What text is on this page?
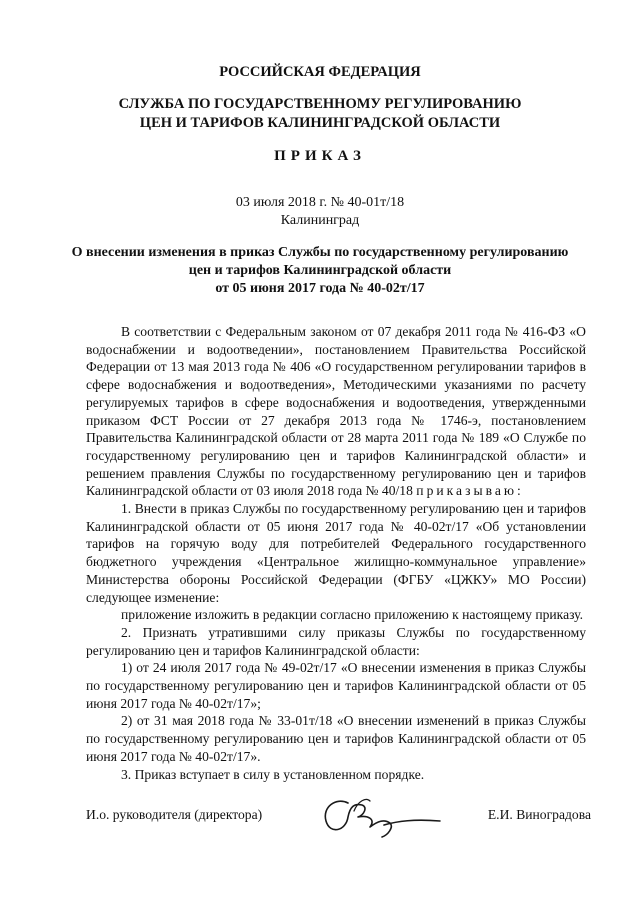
РОССИЙСКАЯ ФЕДЕРАЦИЯ
СЛУЖБА ПО ГОСУДАРСТВЕННОМУ РЕГУЛИРОВАНИЮ
ЦЕН И ТАРИФОВ КАЛИНИНГРАДСКОЙ ОБЛАСТИ
ПРИКАЗ
03 июля 2018 г. № 40-01т/18
Калининград
О внесении изменения в приказ Службы по государственному регулированию
цен и тарифов Калининградской области
от 05 июня 2017 года № 40-02т/17

В соответствии с Федеральным законом от 07 декабря 2011 года № 416-ФЗ «О водоснабжении и водоотведении», постановлением Правительства Российской Федерации от 13 мая 2013 года № 406 «О государственном регулировании тарифов в сфере водоснабжения и водоотведения», Методическими указаниями по расчету регулируемых тарифов в сфере водоснабжения и водоотведения, утвержденными приказом ФСТ России от 27 декабря 2013 года № 1746-э, постановлением Правительства Калининградской области от 28 марта 2011 года № 189 «О Службе по государственному регулированию цен и тарифов Калининградской области» и решением правления Службы по государственному регулированию цен и тарифов Калининградской области от 03 июля 2018 года № 40/18 приказываю:

1. Внести в приказ Службы по государственному регулированию цен и тарифов Калининградской области от 05 июня 2017 года № 40-02т/17 «Об установлении тарифов на горячую воду для потребителей Федерального государственного бюджетного учреждения «Центральное жилищно-коммунальное управление» Министерства обороны Российской Федерации (ФГБУ «ЦЖКУ» МО России) следующее изменение:

приложение изложить в редакции согласно приложению к настоящему приказу.

2. Признать утратившими силу приказы Службы по государственному регулированию цен и тарифов Калининградской области:

1) от 24 июля 2017 года № 49-02т/17 «О внесении изменения в приказ Службы по государственному регулированию цен и тарифов Калининградской области от 05 июня 2017 года № 40-02т/17»;

2) от 31 мая 2018 года № 33-01т/18 «О внесении изменений в приказ Службы по государственному регулированию цен и тарифов Калининградской области от 05 июня 2017 года № 40-02т/17».

3. Приказ вступает в силу в установленном порядке.

И.о. руководителя (директора)	Е.И. Виноградова
